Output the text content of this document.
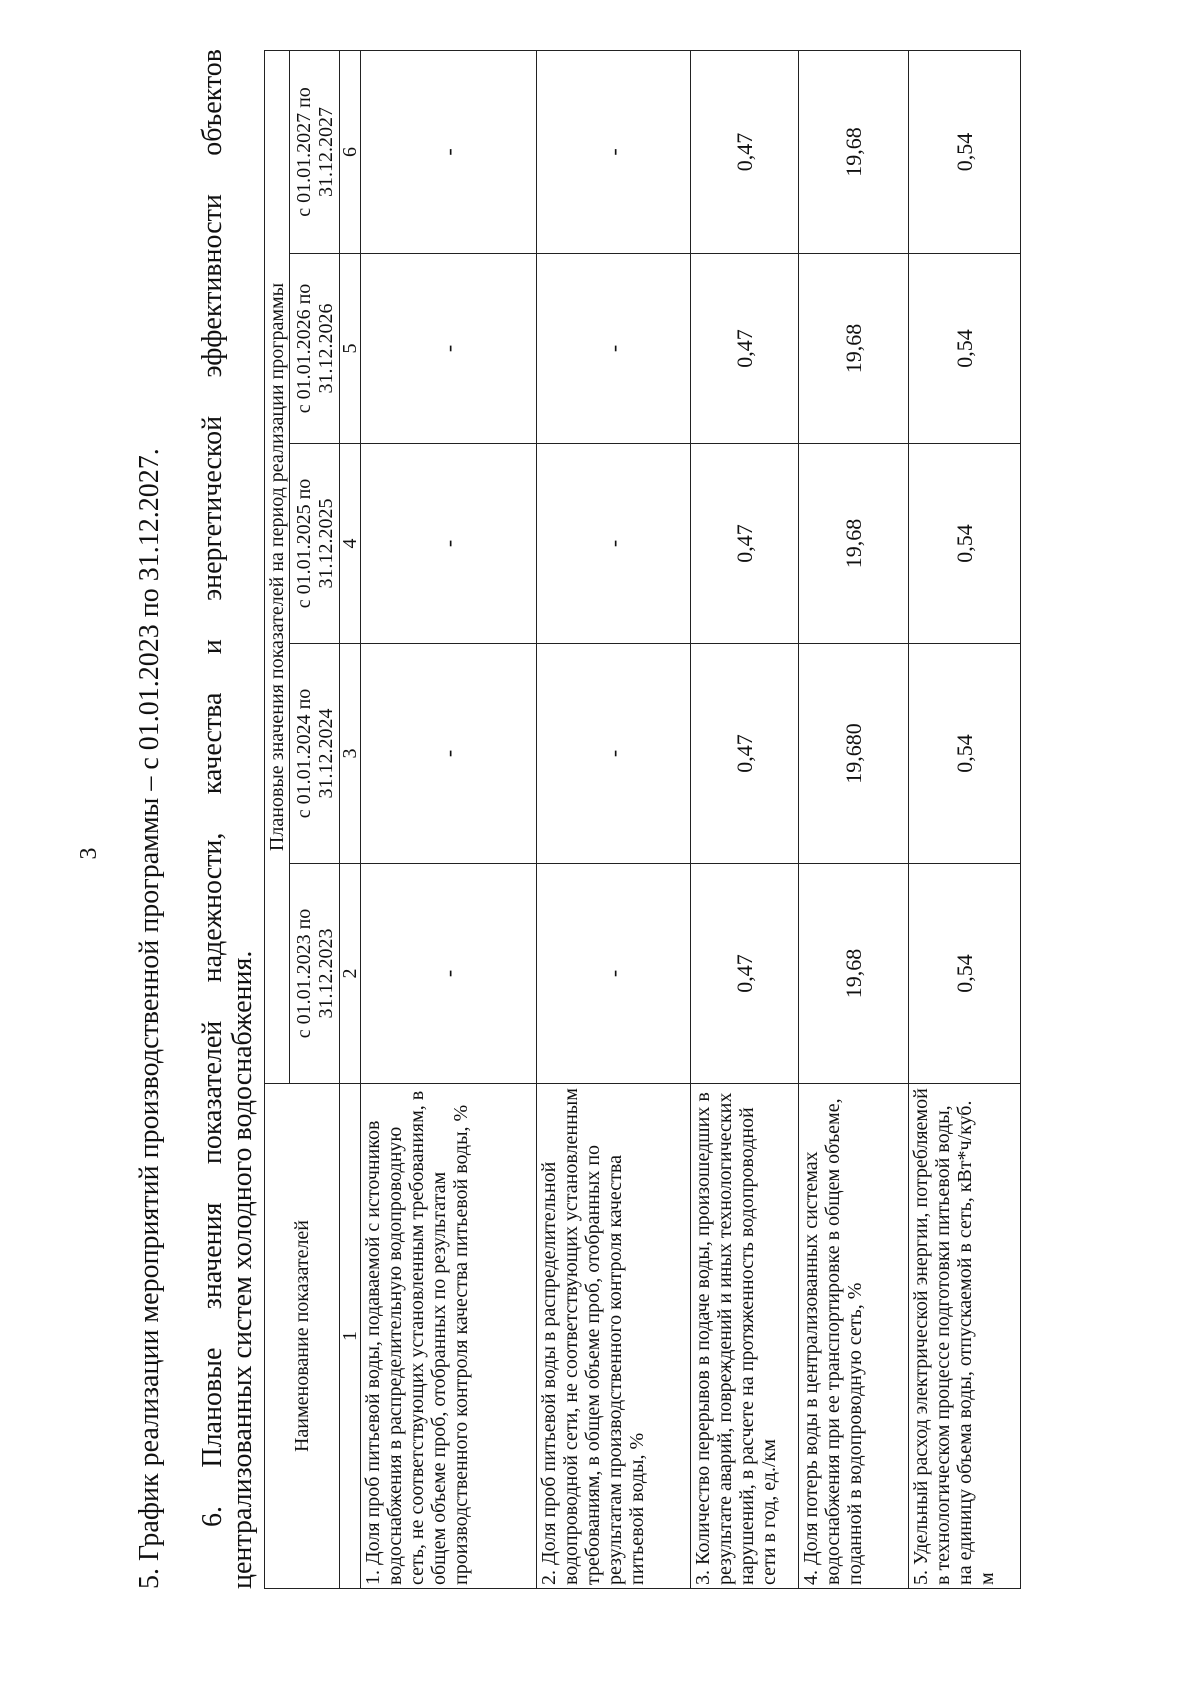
3 5. График реализации мероприятий производственной программы – с 01.01.2023 по 31.12.2027. 6. Плановые значения показателей надежности, качества и энергетической эффективности объектов централизованных систем холодного водоснабжения. Наименование показателей	Плановые значения показателей на период реализации программы				
	с 01.01.2023 по 31.12.2023	с 01.01.2024 по 31.12.2024	с 01.01.2025 по 31.12.2025	с 01.01.2026 по 31.12.2026	с 01.01.2027 по 31.12.2027
1	2	3	4	5	6
1. Доля проб питьевой воды, подаваемой с источников водоснабжения в распределительную водопроводную сеть, не соответствующих установленным требованиям, в общем объеме проб, отобранных по результатам производственного контроля качества питьевой воды, %	-	-	-	-	-
2. Доля проб питьевой воды в распределительной водопроводной сети, не соответствующих установленным требованиям, в общем объеме проб, отобранных по результатам производственного контроля качества питьевой воды, %	-	-	-	-	-
3. Количество перерывов в подаче воды, произошедших в результате аварий, повреждений и иных технологических нарушений, в расчете на протяженность водопроводной сети в год, ед./км	0,47	0,47	0,47	0,47	0,47
4. Доля потерь воды в централизованных системах водоснабжения при ее транспортировке в общем объеме, поданной в водопроводную сеть, %	19,68	19,680	19,68	19,68	19,68
5. Удельный расход электрической энергии, потребляемой в технологическом процессе подготовки питьевой воды, на единицу объема воды, отпускаемой в сеть, кВт*ч/куб. м	0,54	0,54	0,54	0,54	0,54
